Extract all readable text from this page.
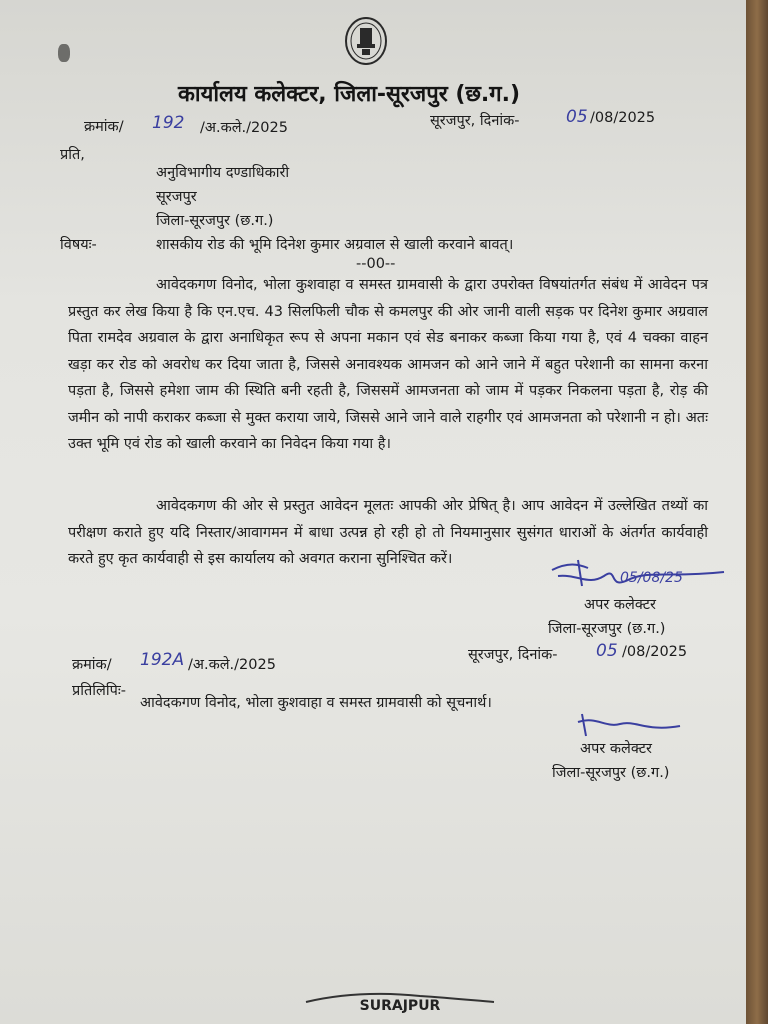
कार्यालय कलेक्टर, जिला-सूरजपुर (छ.ग.)
क्रमांक/ 192 /अ.कले./2025	सूरजपुर, दिनांक-	05 /08/2025
प्रति,
अनुविभागीय दण्डाधिकारी
सूरजपुर
जिला-सूरजपुर (छ.ग.)
विषयः-	शासकीय रोड की भूमि दिनेश कुमार अग्रवाल से खाली करवाने बावत्।
--00--
आवेदकगण विनोद, भोला कुशवाहा व समस्त ग्रामवासी के द्वारा उपरोक्त विषयांतर्गत संबंध में आवेदन पत्र प्रस्तुत कर लेख किया है कि एन.एच. 43 सिलफिली चौक से कमलपुर की ओर जानी वाली सड़क पर दिनेश कुमार अग्रवाल पिता रामदेव अग्रवाल के द्वारा अनाधिकृत रूप से अपना मकान एवं सेड बनाकर कब्जा किया गया है, एवं 4 चक्का वाहन खड़ा कर रोड को अवरोध कर दिया जाता है, जिससे अनावश्यक आमजन को आने जाने में बहुत परेशानी का सामना करना पड़ता है, जिससे हमेशा जाम की स्थिति बनी रहती है, जिससमें आमजनता को जाम में पड़कर निकलना पड़ता है, रोड़ की जमीन को नापी कराकर कब्जा से मुक्त कराया जाये, जिससे आने जाने वाले राहगीर एवं आमजनता को परेशानी न हो। अतः उक्त भूमि एवं रोड को खाली करवाने का निवेदन किया गया है।
आवेदकगण की ओर से प्रस्तुत आवेदन मूलतः आपकी ओर प्रेषित् है। आप आवेदन में उल्लेखित तथ्यों का परीक्षण कराते हुए यदि निस्तार/आवागमन में बाधा उत्पन्न हो रही हो तो नियमानुसार सुसंगत धाराओं के अंतर्गत कार्यवाही करते हुए कृत कार्यवाही से इस कार्यालय को अवगत कराना सुनिश्चित करें।
05/08/25
अपर कलेक्टर
जिला-सूरजपुर (छ.ग.)
क्रमांक/ 192A /अ.कले./2025
सूरजपुर, दिनांक- 05 /08/2025
प्रतिलिपिः-
आवेदकगण विनोद, भोला कुशवाहा व समस्त ग्रामवासी को सूचनार्थ।
अपर कलेक्टर
जिला-सूरजपुर (छ.ग.)
SURAJPUR
